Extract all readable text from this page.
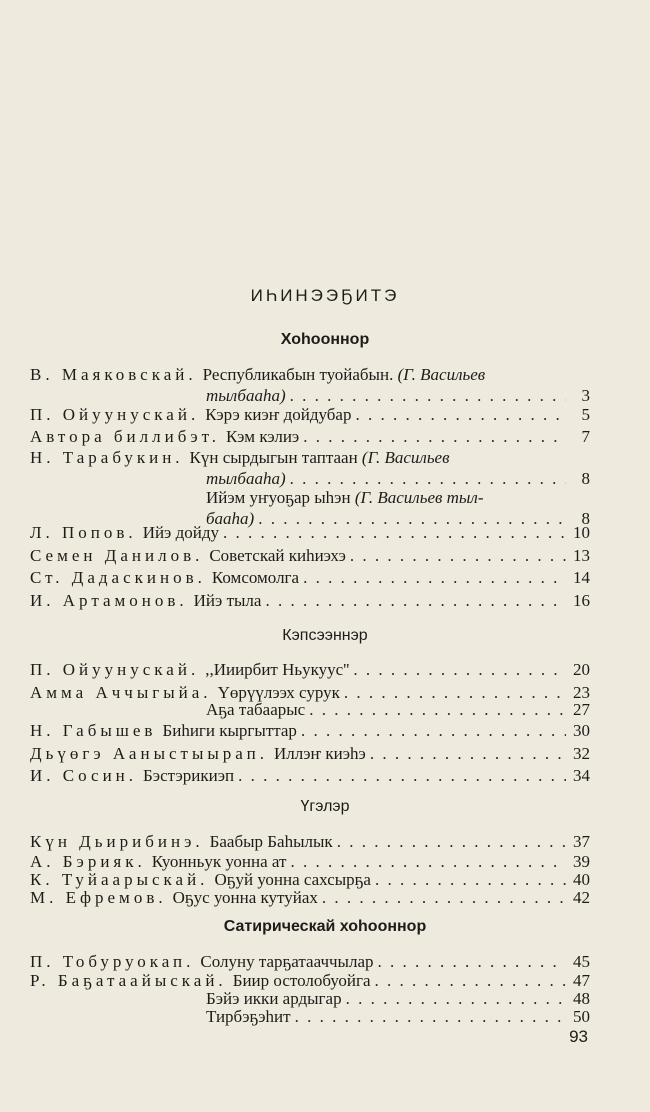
ИҺИНЭЭҔИТЭ
Хоһооннор
В. Маяковскай. Республикабын туойабын.
(Г. Васильев
тылбааһа) . . .	3
П. Ойуунускай. Кэрэ киэҥ дойдубар . . .	5
Автора биллибэт. Кэм кэлиэ . . .	7
Н. Тарабукин. Күн сырдыгын таптаан
(Г. Васильев
тылбааһа) . . .	8
Ийэм уҥуоҕар ыһэн
(Г. Васильев тыл-
бааһа) . . .	8
Л. Попов. Ийэ дойду . . .	10
Семен Данилов. Советскай киһиэхэ . . .	13
Ст. Дадаскинов. Комсомолга . . .	14
И. Артамонов. Ийэ тыла . . .	16
Кэпсээннэр
П. Ойуунускай. ,,Ииирбит Ньукуус'' . . .	20
Амма Аччыгыйа. Үөрүүлээх сурук . . .	23
Аҕа табаарыс . . .	27
Н. Габышев Биһиги кыргыттар . . .	30
Дьүөгэ Ааныстыырап. Иллэҥ киэһэ . . .	32
И. Сосин. Бэстэрикиэп . . .	34
Үгэлэр
Күн Дьирибинэ. Баабыр Баһылык . . .	37
А. Бэрияк. Куонньук уонна ат . . .	39
К. Туйаарыскай. Оҕуй уонна сахсырҕа . . .	40
М. Ефремов. Оҕус уонна кутуйах . . .	42
Сатирическай хоһооннор
П. Тобуруокап. Солуну тарҕатааччылар . . .	45
Р. Баҕатаайыскай. Биир остолобуойга . . .	47
Бэйэ икки ардыгар . . .	48
Тирбэҕэһит . . .	50
93
